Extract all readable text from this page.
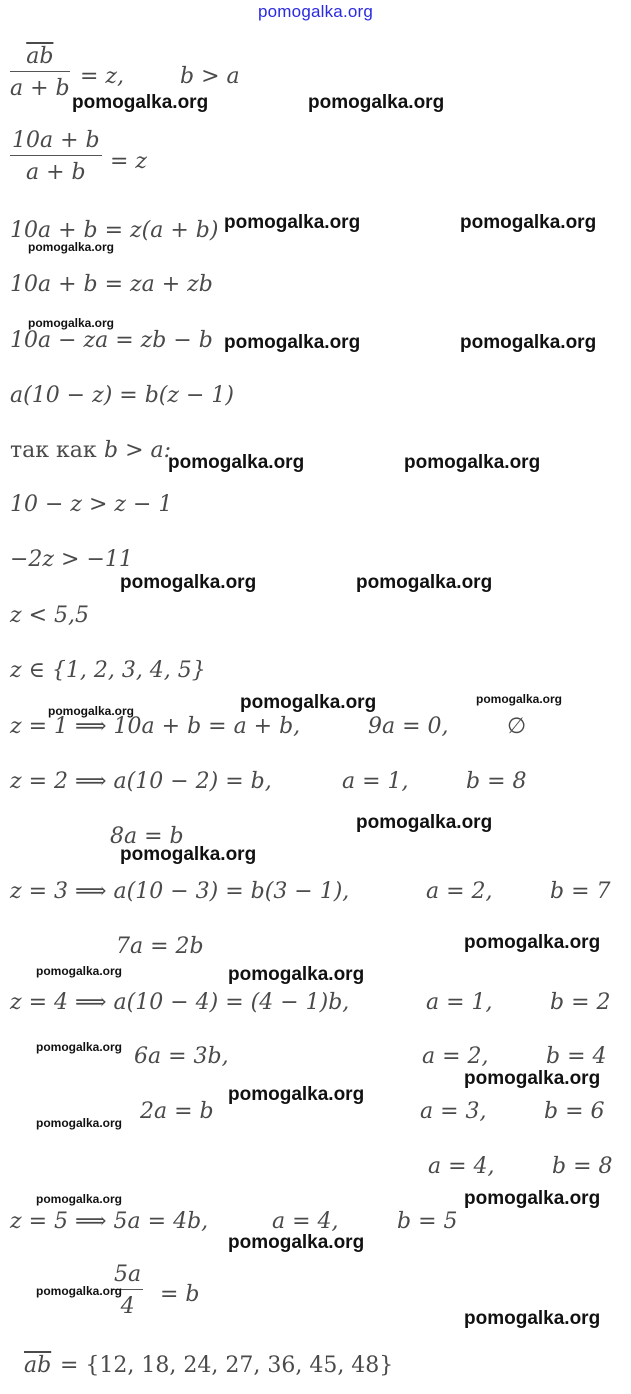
pomogalka.org
$\frac{\overline{ab}}{a + b} = z$,	b > a
$\frac{10a + b}{a + b} = z$
10a + b = z(a + b)
10a + b = za + zb
10a − za = zb − b
a(10 − z) = b(z − 1)
так как b > a:
10 − z > z − 1
−2z > −11
z < 5,5
z ∈ {1, 2, 3, 4, 5}
z = 1 ⟹ 10a + b = a + b,	9a = 0,	∅
z = 2 ⟹ a(10 − 2) = b,	a = 1,	b = 8
8a = b
z = 3 ⟹ a(10 − 3) = b(3 − 1),	a = 2,	b = 7
7a = 2b
z = 4 ⟹ a(10 − 4) = (4 − 1)b,	a = 1,	b = 2
6a = 3b,	a = 2,	b = 4
2a = b	a = 3,	b = 6
a = 4,	b = 8
z = 5 ⟹ 5a = 4b,	a = 4,	b = 5
$\frac{5a}{4} = b$
$\overline{ab} = \{12$, 18, 24, 27, 36, 45, 48}
pomogalka.org	pomogalka.org
pomogalka.org	pomogalka.org
pomogalka.org	pomogalka.org
pomogalka.org	pomogalka.org
pomogalka.org	pomogalka.org
pomogalka.org
pomogalka.org
pomogalka.org
pomogalka.org
pomogalka.org
pomogalka.org
pomogalka.org
pomogalka.org
pomogalka.org
pomogalka.org
pomogalka.org
pomogalka.org
pomogalka.org
pomogalka.org
pomogalka.org
pomogalka.org
pomogalka.org
pomogalka.org
pomogalka.org
